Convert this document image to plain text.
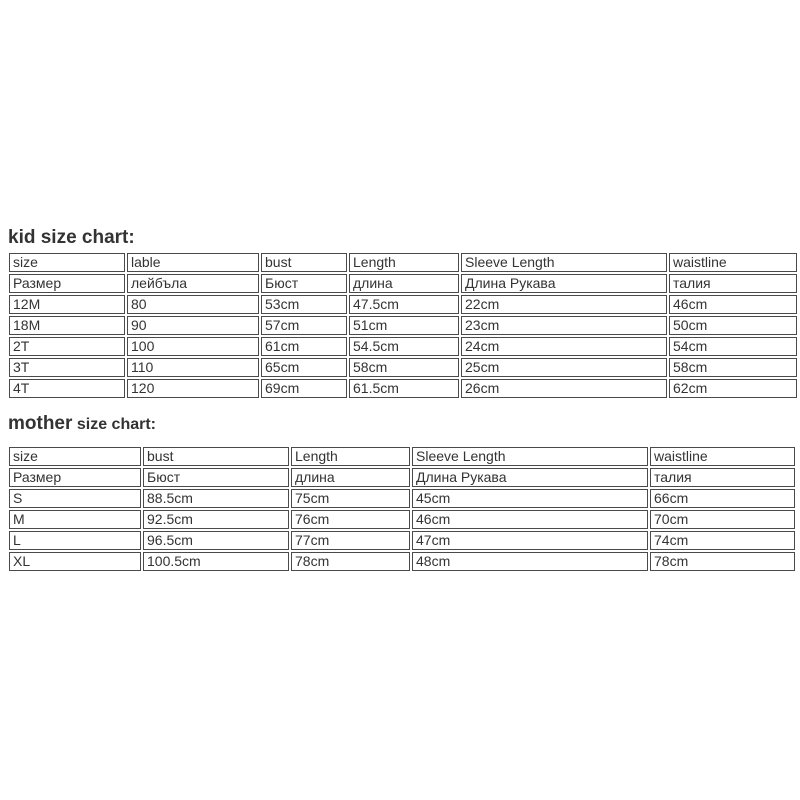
kid size chart:
size	lable	bust	Length	Sleeve Length	waistline
Размер	лейбъла	Бюст	длина	Длина Рукава	талия
12M	80	53cm	47.5cm	22cm	46cm
18M	90	57cm	51cm	23cm	50cm
2T	100	61cm	54.5cm	24cm	54cm
3T	110	65cm	58cm	25cm	58cm
4T	120	69cm	61.5cm	26cm	62cm
mother size chart:
size	bust	Length	Sleeve Length	waistline
Размер	Бюст	длина	Длина Рукава	талия
S	88.5cm	75cm	45cm	66cm
M	92.5cm	76cm	46cm	70cm
L	96.5cm	77cm	47cm	74cm
XL	100.5cm	78cm	48cm	78cm
